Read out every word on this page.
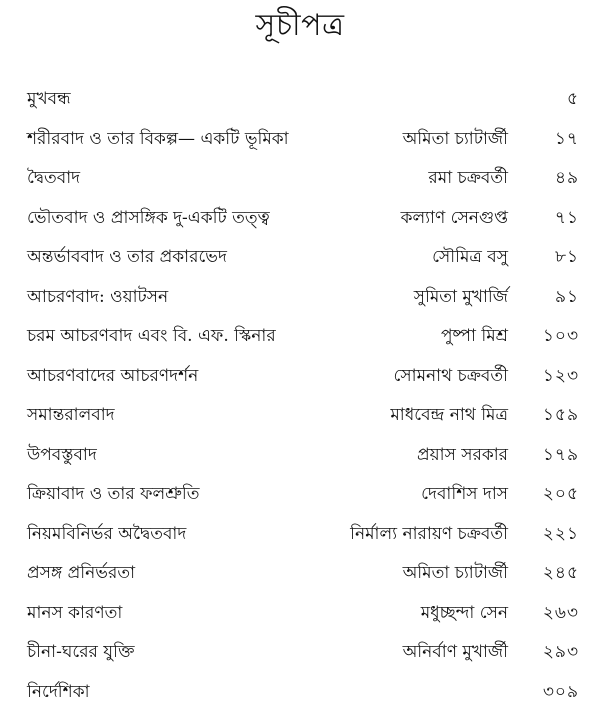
সূচীপত্র
মুখবন্ধ	৫
শরীরবাদ ও তার বিকল্প— একটি ভূমিকা	অমিতা চ্যাটার্জী	১৭
দ্বৈতবাদ	রমা চক্রবর্তী	৪৯
ভৌতবাদ ও প্রাসঙ্গিক দু-একটি তত্ত্ব	কল্যাণ সেনগুপ্ত	৭১
অন্তর্ভাববাদ ও তার প্রকারভেদ	সৌমিত্র বসু	৮১
আচরণবাদ: ওয়াটসন	সুমিতা মুখার্জি	৯১
চরম আচরণবাদ এবং বি. এফ. স্কিনার	পুষ্পা মিশ্র ১০৩
আচরণবাদের আচরণদর্শন	সোমনাথ চক্রবর্তী ১২৩
সমান্তরালবাদ	মাধবেন্দ্র নাথ মিত্র ১৫৯
উপবস্তুবাদ	প্রয়াস সরকার ১৭৯
ক্রিয়াবাদ ও তার ফলশ্রুতি	দেবাশিস দাস ২০৫
নিয়মবিনির্ভর অদ্বৈতবাদ	নির্মাল্য নারায়ণ চক্রবর্তী ২২১
প্রসঙ্গ প্রনির্ভরতা	অমিতা চ্যাটার্জী ২৪৫
মানস কারণতা	মধুচ্ছন্দা সেন ২৬৩
চীনা-ঘরের যুক্তি	অনির্বাণ মুখার্জী ২৯৩
নির্দেশিকা	৩০৯
